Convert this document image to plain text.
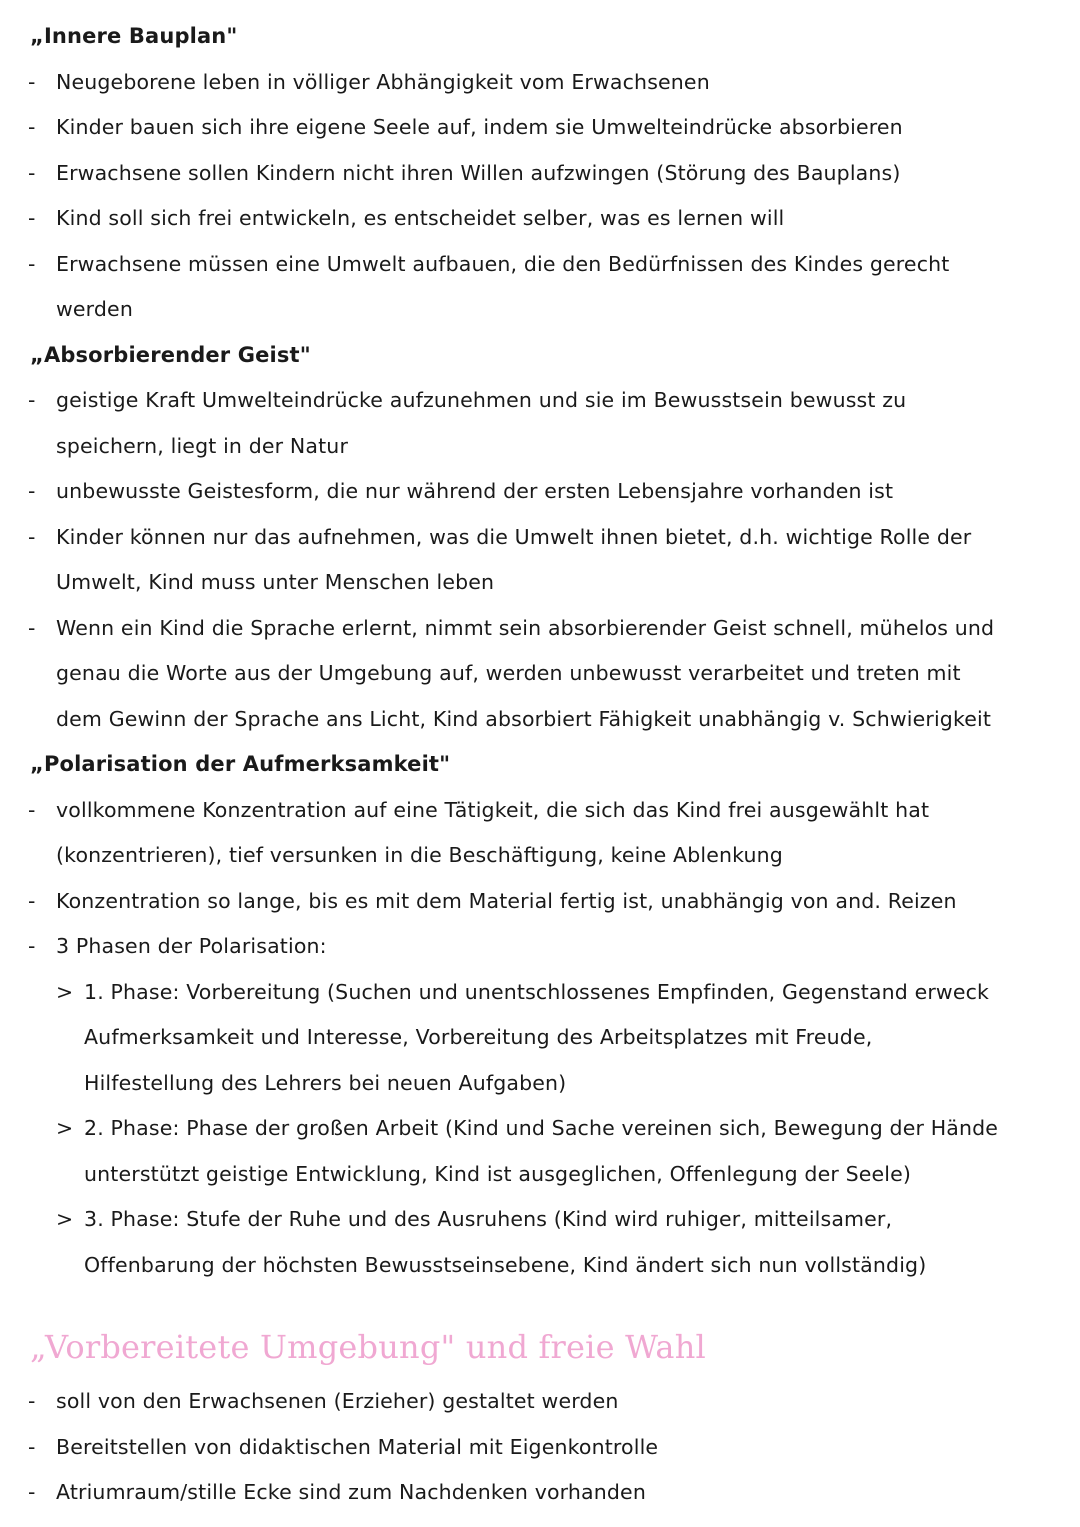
„Innere Bauplan"
- Neugeborene leben in völliger Abhängigkeit vom Erwachsenen
- Kinder bauen sich ihre eigene Seele auf, indem sie Umwelteindrücke absorbieren
- Erwachsene sollen Kindern nicht ihren Willen aufzwingen (Störung des Bauplans)
- Kind soll sich frei entwickeln, es entscheidet selber, was es lernen will
- Erwachsene müssen eine Umwelt aufbauen, die den Bedürfnissen des Kindes gerecht
werden
„Absorbierender Geist"
- geistige Kraft Umwelteindrücke aufzunehmen und sie im Bewusstsein bewusst zu
speichern, liegt in der Natur
- unbewusste Geistesform, die nur während der ersten Lebensjahre vorhanden ist
- Kinder können nur das aufnehmen, was die Umwelt ihnen bietet, d.h. wichtige Rolle der
Umwelt, Kind muss unter Menschen leben
- Wenn ein Kind die Sprache erlernt, nimmt sein absorbierender Geist schnell, mühelos und
genau die Worte aus der Umgebung auf, werden unbewusst verarbeitet und treten mit
dem Gewinn der Sprache ans Licht, Kind absorbiert Fähigkeit unabhängig v. Schwierigkeit
„Polarisation der Aufmerksamkeit"
- vollkommene Konzentration auf eine Tätigkeit, die sich das Kind frei ausgewählt hat
(konzentrieren), tief versunken in die Beschäftigung, keine Ablenkung
- Konzentration so lange, bis es mit dem Material fertig ist, unabhängig von and. Reizen
- 3 Phasen der Polarisation:
> 1. Phase: Vorbereitung (Suchen und unentschlossenes Empfinden, Gegenstand erweck
Aufmerksamkeit und Interesse, Vorbereitung des Arbeitsplatzes mit Freude,
Hilfestellung des Lehrers bei neuen Aufgaben)
> 2. Phase: Phase der großen Arbeit (Kind und Sache vereinen sich, Bewegung der Hände
unterstützt geistige Entwicklung, Kind ist ausgeglichen, Offenlegung der Seele)
> 3. Phase: Stufe der Ruhe und des Ausruhens (Kind wird ruhiger, mitteilsamer,
Offenbarung der höchsten Bewusstseinsebene, Kind ändert sich nun vollständig)
„Vorbereitete Umgebung" und freie Wahl
- soll von den Erwachsenen (Erzieher) gestaltet werden
- Bereitstellen von didaktischen Material mit Eigenkontrolle
- Atriumraum/stille Ecke sind zum Nachdenken vorhanden
